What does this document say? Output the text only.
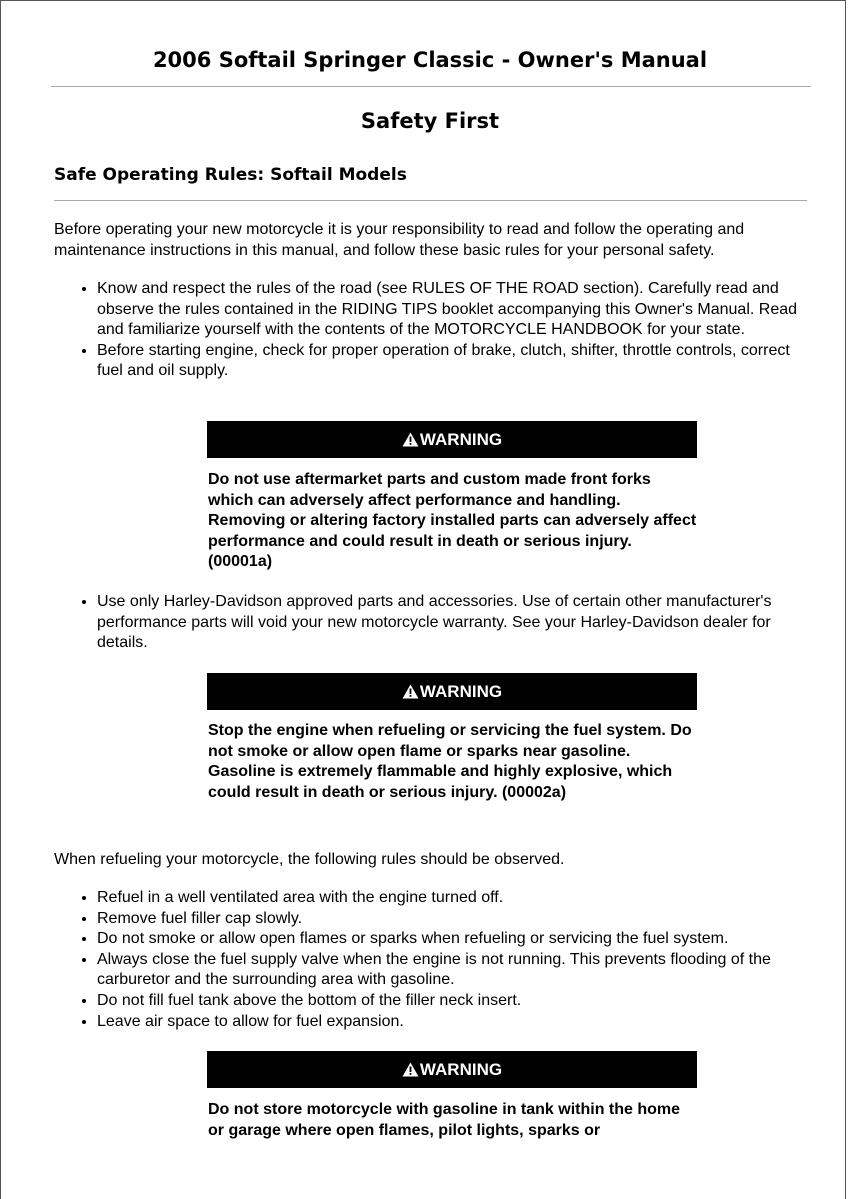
2006 Softail Springer Classic - Owner's Manual
Safety First
Safe Operating Rules: Softail Models
Before operating your new motorcycle it is your responsibility to read and follow the operating and maintenance instructions in this manual, and follow these basic rules for your personal safety.
• Know and respect the rules of the road (see RULES OF THE ROAD section). Carefully read and observe the rules contained in the RIDING TIPS booklet accompanying this Owner's Manual. Read and familiarize yourself with the contents of the MOTORCYCLE HANDBOOK for your state.
• Before starting engine, check for proper operation of brake, clutch, shifter, throttle controls, correct fuel and oil supply.
WARNING
Do not use aftermarket parts and custom made front forks which can adversely affect performance and handling. Removing or altering factory installed parts can adversely affect performance and could result in death or serious injury. (00001a)
• Use only Harley-Davidson approved parts and accessories. Use of certain other manufacturer's performance parts will void your new motorcycle warranty. See your Harley-Davidson dealer for details.
WARNING
Stop the engine when refueling or servicing the fuel system. Do not smoke or allow open flame or sparks near gasoline. Gasoline is extremely flammable and highly explosive, which could result in death or serious injury. (00002a)
When refueling your motorcycle, the following rules should be observed.
• Refuel in a well ventilated area with the engine turned off.
• Remove fuel filler cap slowly.
• Do not smoke or allow open flames or sparks when refueling or servicing the fuel system.
• Always close the fuel supply valve when the engine is not running. This prevents flooding of the carburetor and the surrounding area with gasoline.
• Do not fill fuel tank above the bottom of the filler neck insert.
• Leave air space to allow for fuel expansion.
WARNING
Do not store motorcycle with gasoline in tank within the home or garage where open flames, pilot lights, sparks or
